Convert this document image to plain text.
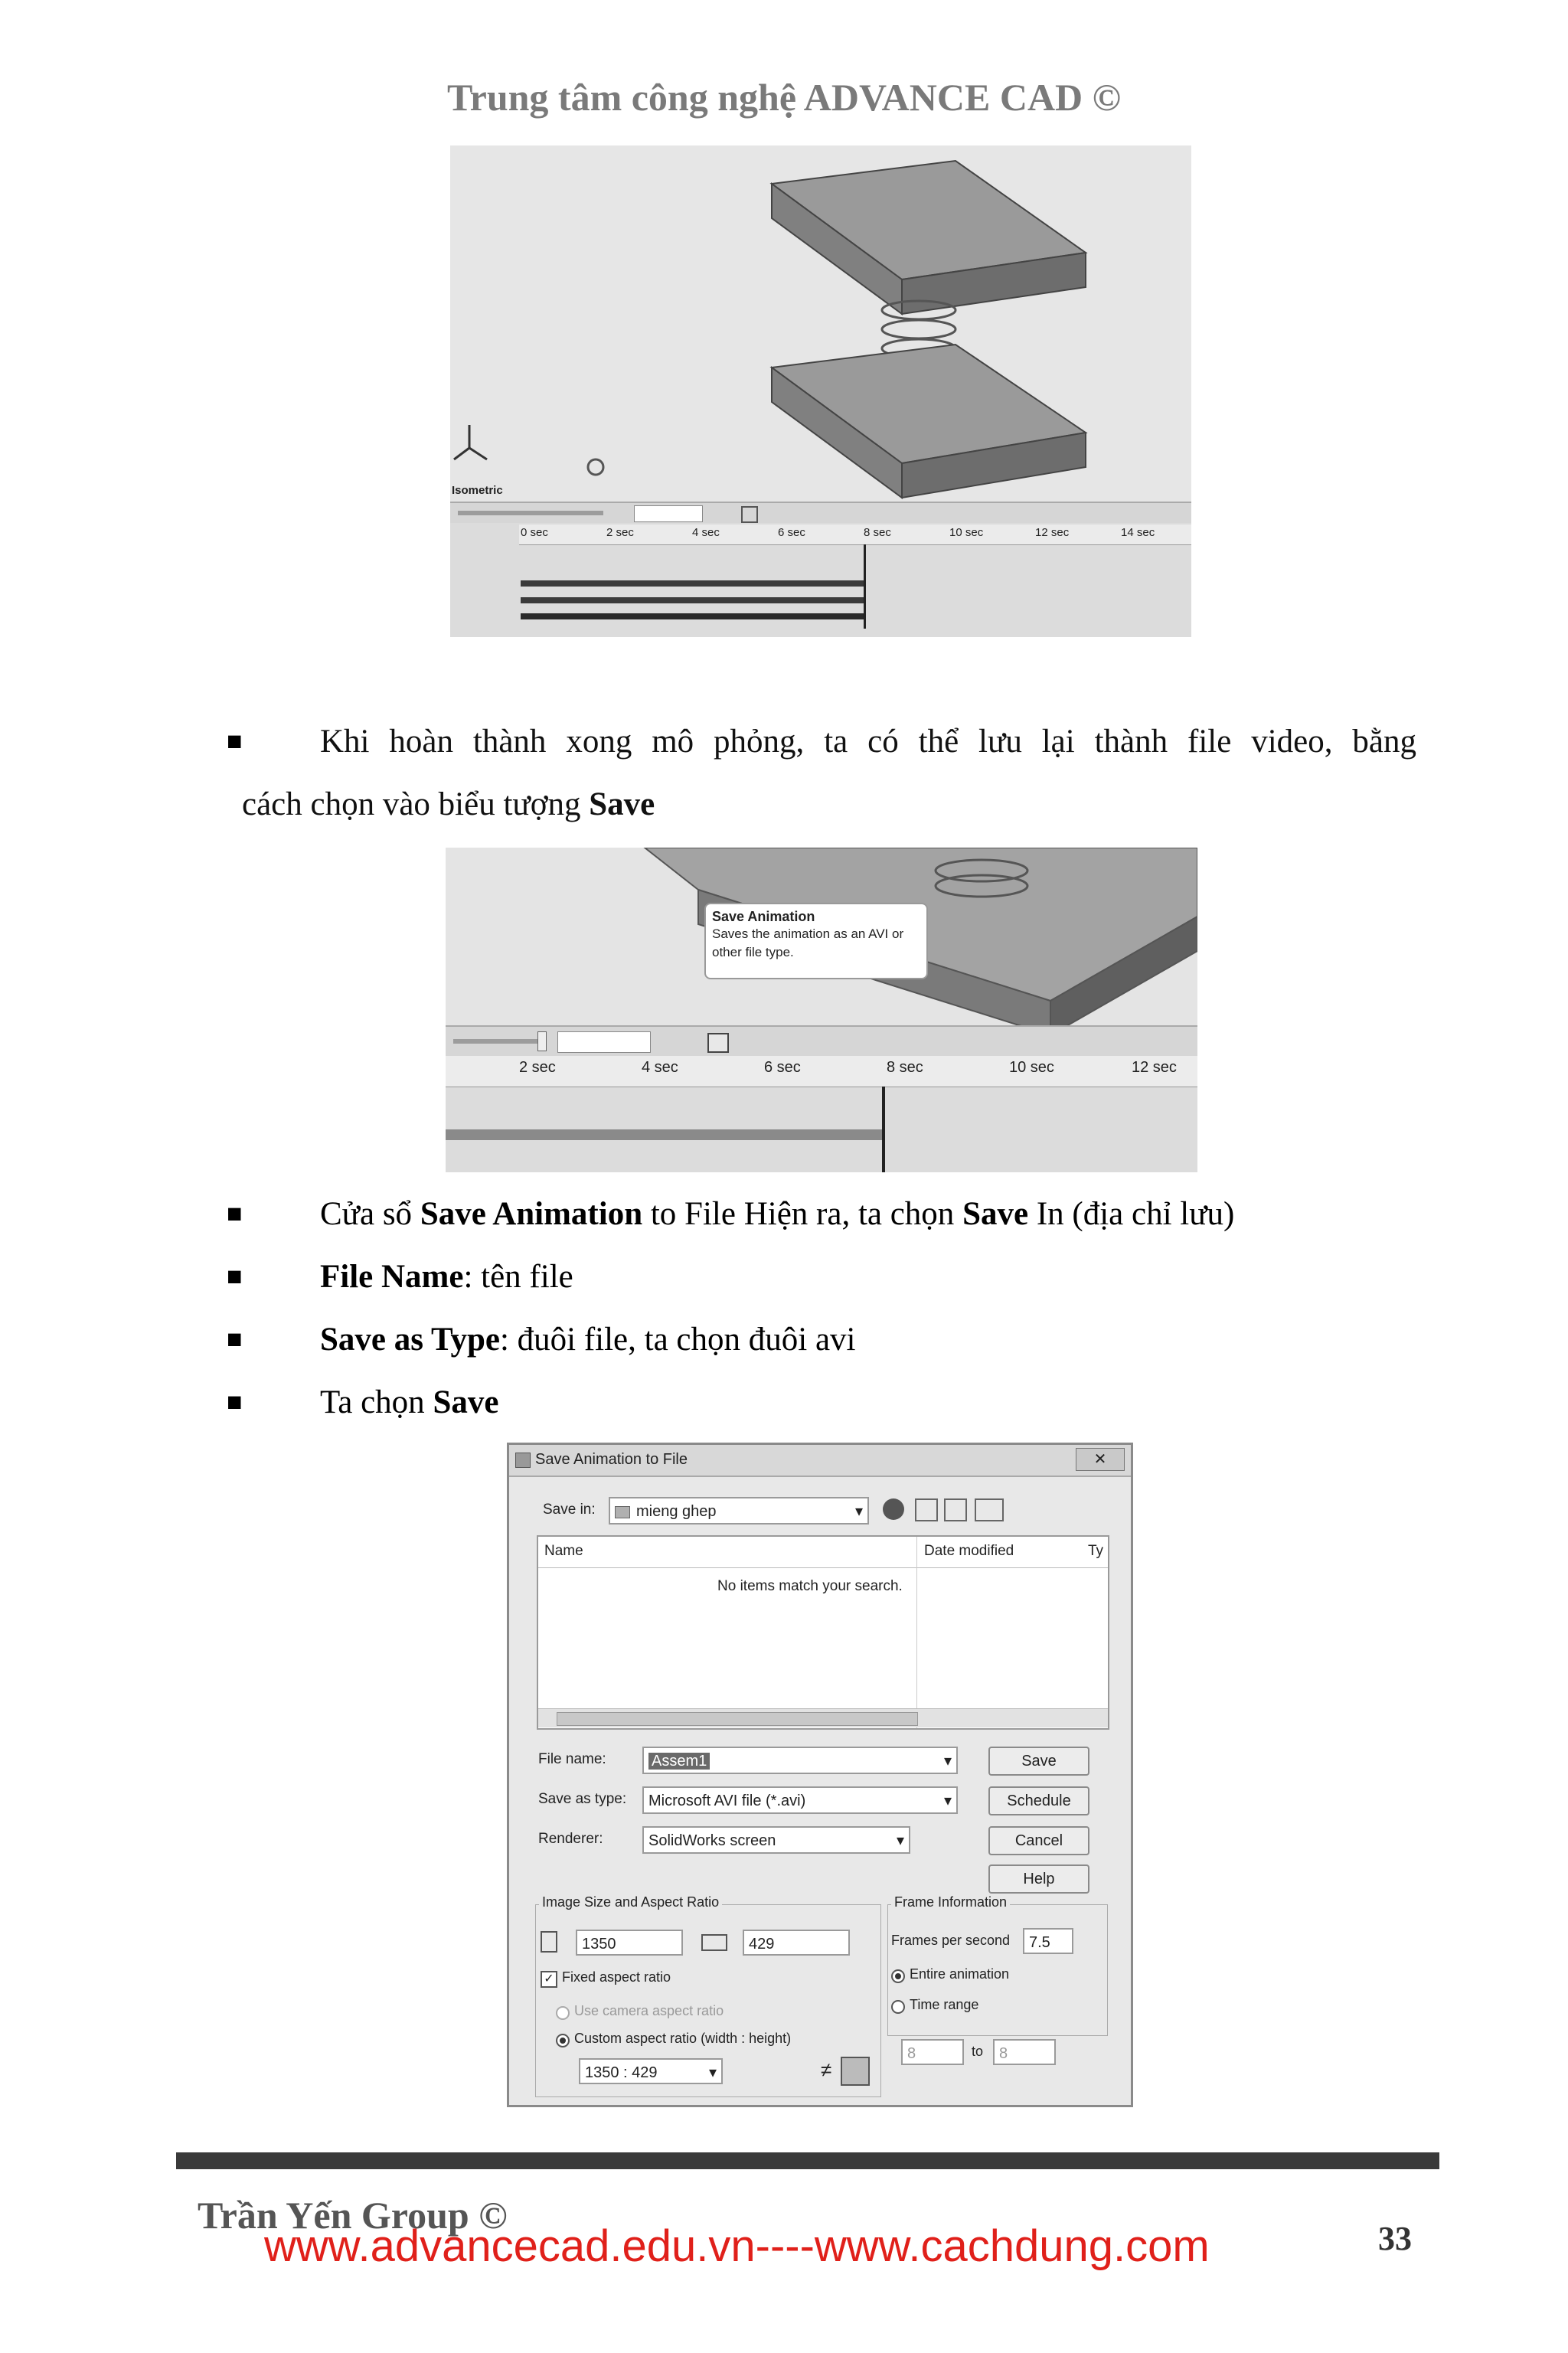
Trung tâm công nghệ ADVANCE CAD ©
Isometric
0 sec	2 sec	4 sec	6 sec	8 sec	10 sec	12 sec	14 sec
■ Khi hoàn thành xong mô phỏng, ta có thể lưu lại thành file video, bằng
cách chọn vào biểu tượng Save
Save Animation
Saves the animation as an AVI or other file type.
2 sec	4 sec	6 sec	8 sec	10 sec	12 sec
■ Cửa sổ Save Animation to File Hiện ra, ta chọn Save In (địa chỉ lưu)
■ File Name: tên file
■ Save as Type: đuôi file, ta chọn đuôi avi
■ Ta chọn Save
Save Animation to File	✕
Save in:	mieng ghep	▾
Name	Date modified	Ty
No items match your search.
File name:	Assem1	▾
Save as type:	Microsoft AVI file (*.avi)	▾
Renderer:	SolidWorks screen	▾
Save
Schedule
Cancel
Help
Image Size and Aspect Ratio
1350	429
✓ Fixed aspect ratio
Use camera aspect ratio
Custom aspect ratio (width : height)
1350 : 429	▾	≠
Frame Information
Frames per second	7.5
Entire animation
Time range
8	to	8
Trần Yến Group ©
www.advancecad.edu.vn----www.cachdung.com	33
